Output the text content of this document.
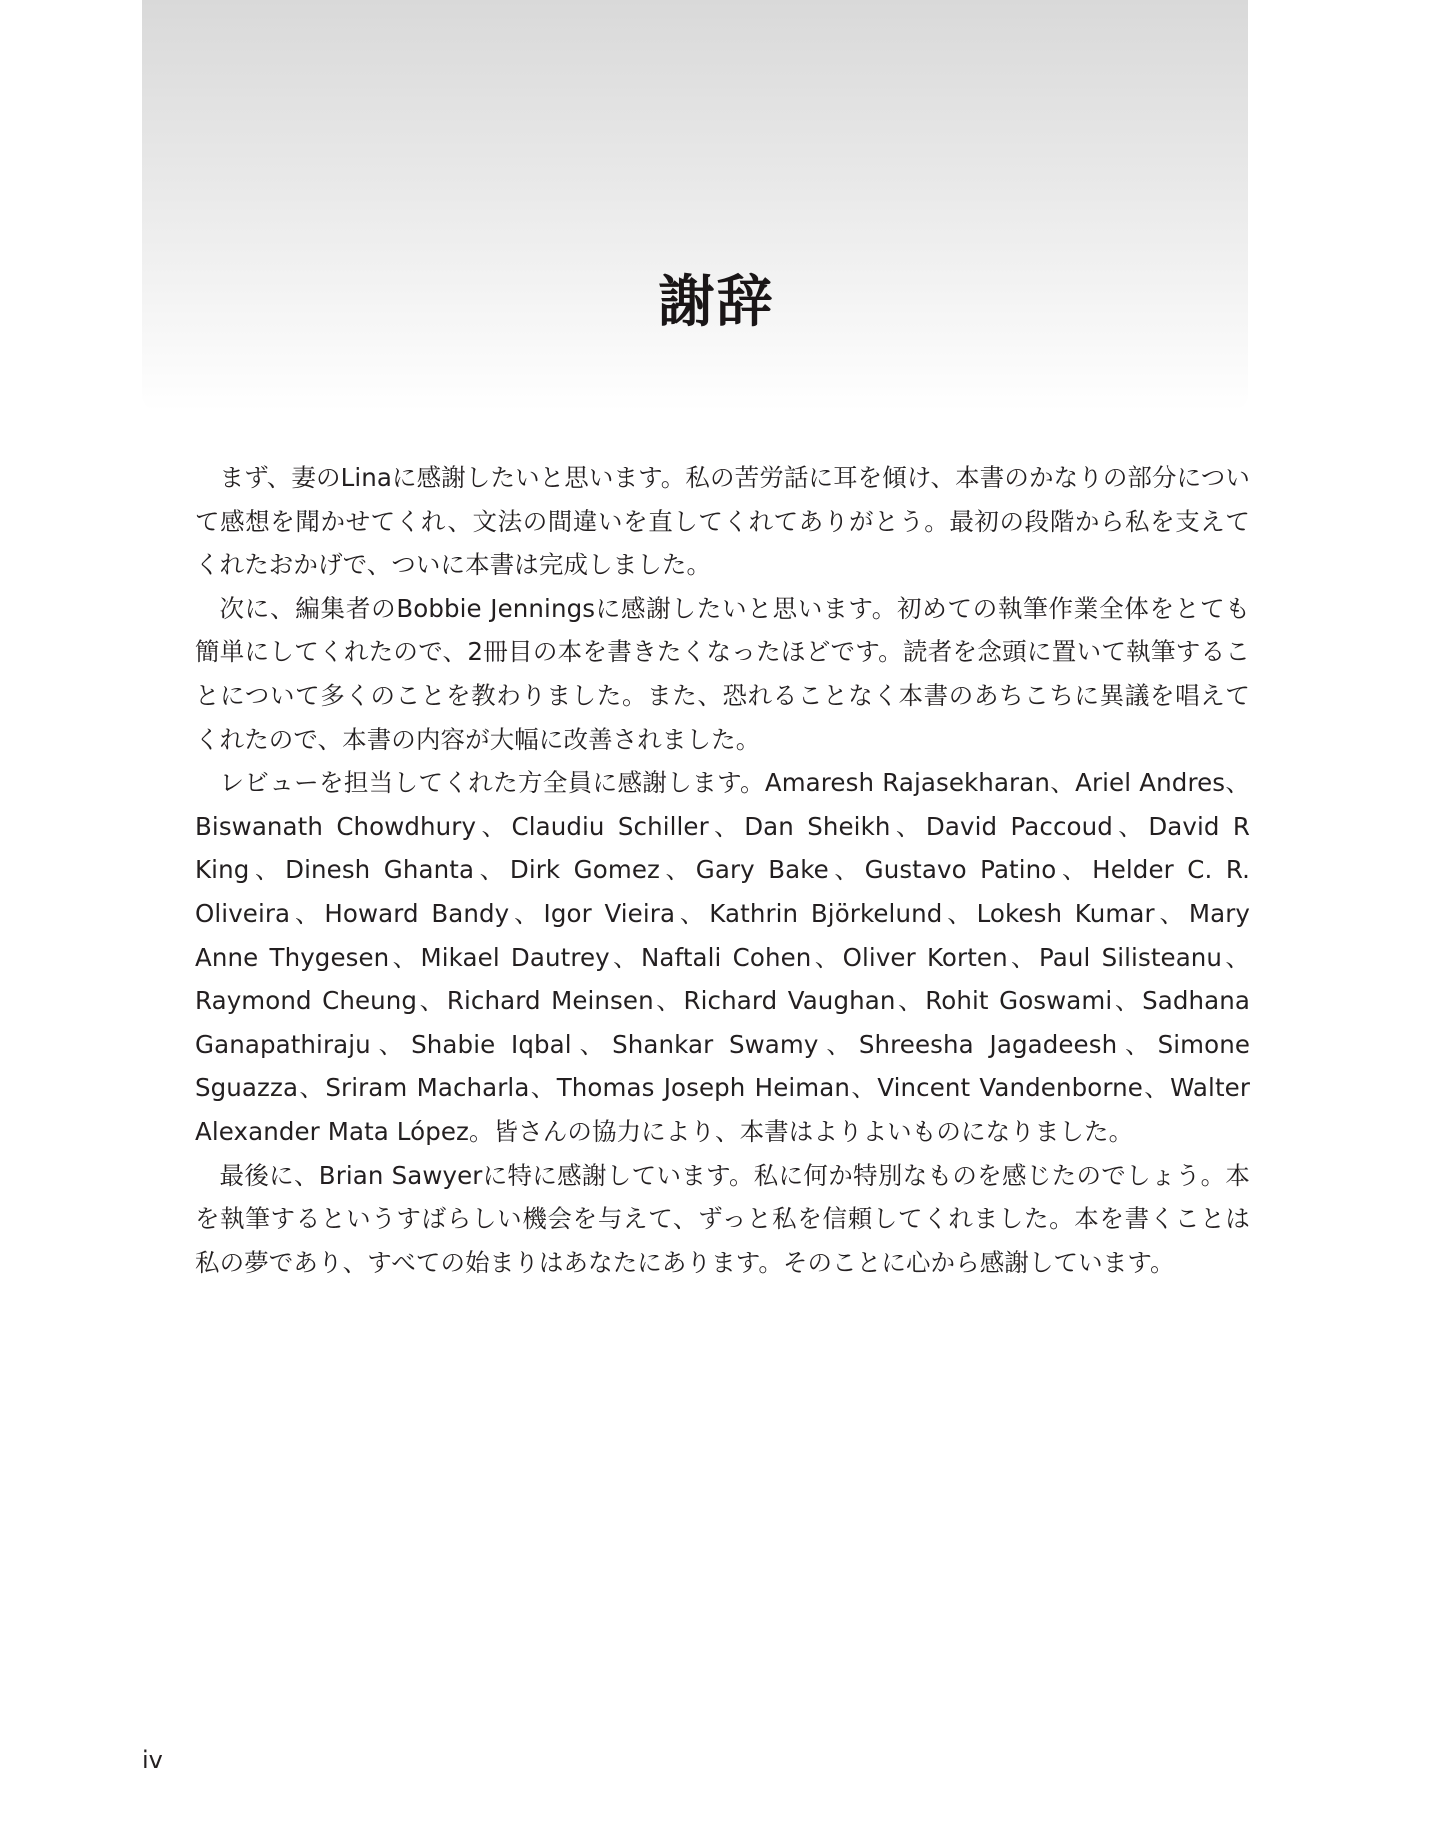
謝辞

まず、妻のLinaに感謝したいと思います。私の苦労話に耳を傾け、本書のかなりの部分について感想を聞かせてくれ、文法の間違いを直してくれてありがとう。最初の段階から私を支えてくれたおかげで、ついに本書は完成しました。

次に、編集者のBobbie Jenningsに感謝したいと思います。初めての執筆作業全体をとても簡単にしてくれたので、2冊目の本を書きたくなったほどです。読者を念頭に置いて執筆することについて多くのことを教わりました。また、恐れることなく本書のあちこちに異議を唱えてくれたので、本書の内容が大幅に改善されました。

レビューを担当してくれた方全員に感謝します。Amaresh Rajasekharan、Ariel Andres、Biswanath Chowdhury、Claudiu Schiller、Dan Sheikh、David Paccoud、David R King、Dinesh Ghanta、Dirk Gomez、Gary Bake、Gustavo Patino、Helder C. R. Oliveira、Howard Bandy、Igor Vieira、Kathrin Björkelund、Lokesh Kumar、Mary Anne Thygesen、Mikael Dautrey、Naftali Cohen、Oliver Korten、Paul Silisteanu、Raymond Cheung、Richard Meinsen、Richard Vaughan、Rohit Goswami、Sadhana Ganapathiraju、Shabie Iqbal、Shankar Swamy、Shreesha Jagadeesh、Simone Sguazza、Sriram Macharla、Thomas Joseph Heiman、Vincent Vandenborne、Walter Alexander Mata López。皆さんの協力により、本書はよりよいものになりました。

最後に、Brian Sawyerに特に感謝しています。私に何か特別なものを感じたのでしょう。本を執筆するというすばらしい機会を与えて、ずっと私を信頼してくれました。本を書くことは私の夢であり、すべての始まりはあなたにあります。そのことに心から感謝しています。

iv
